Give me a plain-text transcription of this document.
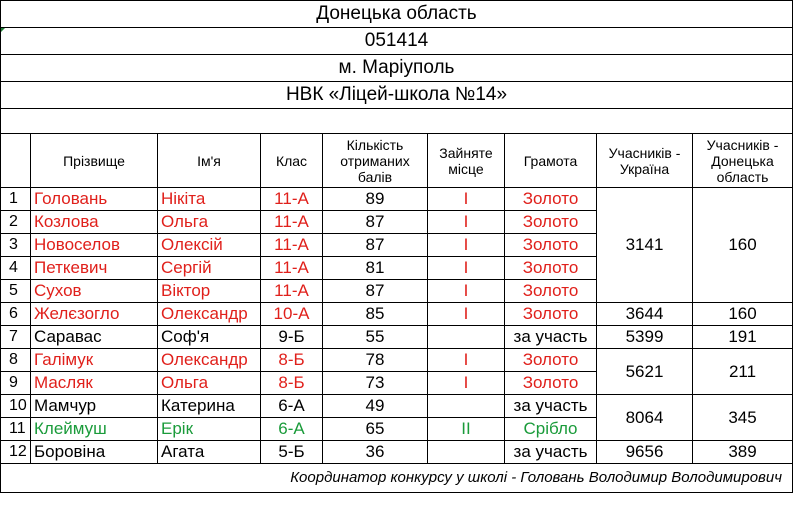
Донецька область								
051414								
м. Маріуполь								
НВК «Ліцей-школа №14»								

	Прізвище	Ім'я	Клас	Кількість отриманих балів	Зайняте місце	Грамота	Учасників - Україна	Учасників - Донецька область
1	Головань	Нікіта	11-А	89	І	Золото	3141	160
2	Козлова	Ольга	11-А	87	І	Золото		
3	Новоселов	Олексій	11-А	87	І	Золото		
4	Петкевич	Сергій	11-А	81	І	Золото		
5	Сухов	Віктор	11-А	87	І	Золото		
6	Желєзогло	Олександр	10-А	85	І	Золото	3644	160
7	Саравас	Соф'я	9-Б	55		за участь	5399	191
8	Галімук	Олександр	8-Б	78	І	Золото	5621	211
9	Масляк	Ольга	8-Б	73	І	Золото		
10	Мамчур	Катерина	6-А	49		за участь	8064	345
11	Клеймуш	Ерік	6-А	65	ІІ	Срібло		
12	Боровіна	Агата	5-Б	36		за участь	9656	389
Координатор конкурсу у школі - Головань Володимир Володимирович								
